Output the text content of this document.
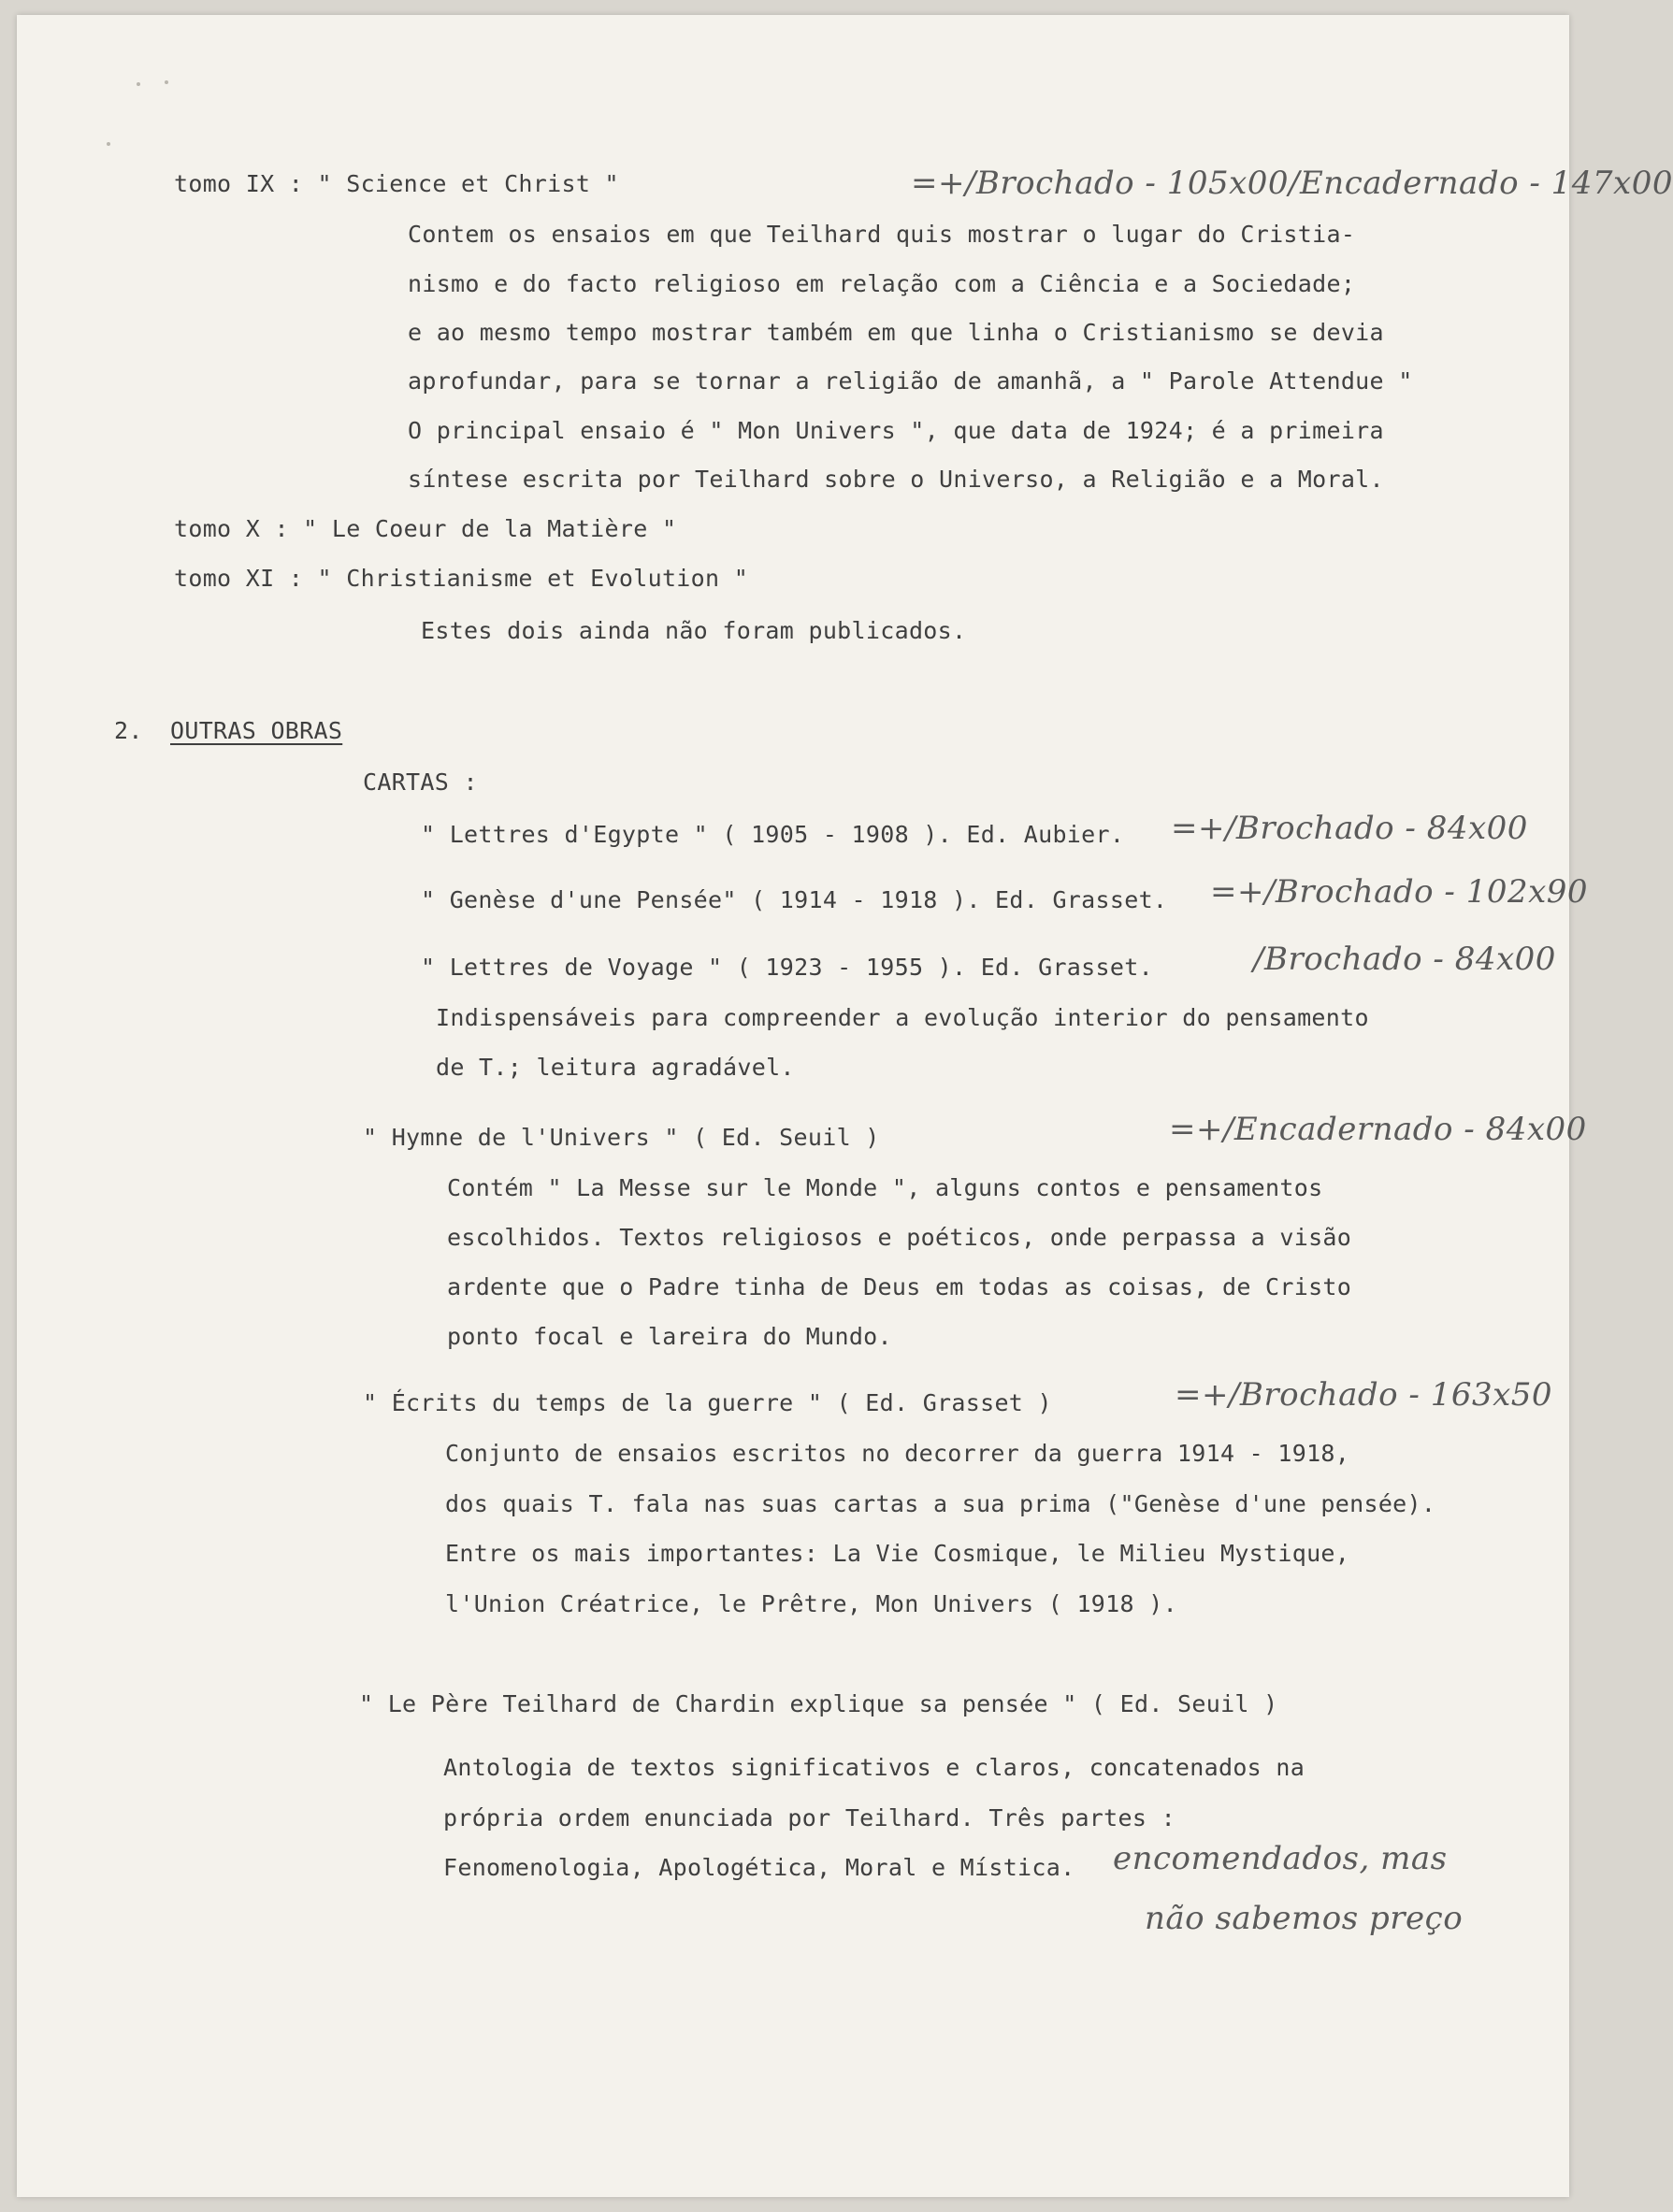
tomo IX : " Science et Christ "	=+/Brochado - 105x00/Encadernado - 147x00
Contem os ensaios em que Teilhard quis mostrar o lugar do Cristia-
nismo e do facto religioso em relação com a Ciência e a Sociedade;
e ao mesmo tempo mostrar também em que linha o Cristianismo se devia
aprofundar, para se tornar a religião de amanhã, a " Parole Attendue "
O principal ensaio é " Mon Univers ", que data de 1924; é a primeira
síntese escrita por Teilhard sobre o Universo, a Religião e a Moral.
tomo X : " Le Coeur de la Matière "
tomo XI : " Christianisme et Evolution "
Estes dois ainda não foram publicados.
2. OUTRAS OBRAS
CARTAS :
" Lettres d'Egypte " ( 1905 - 1908 ). Ed. Aubier. =+/Brochado - 84x00
" Genèse d'une Pensée" ( 1914 - 1918 ). Ed. Grasset. =+/Brochado - 102x90
" Lettres de Voyage " ( 1923 - 1955 ). Ed. Grasset.	/Brochado - 84x00
Indispensáveis para compreender a evolução interior do pensamento
de T.; leitura agradável.
" Hymne de l'Univers " ( Ed. Seuil )	=+/Encadernado - 84x00
Contém " La Messe sur le Monde ", alguns contos e pensamentos
escolhidos. Textos religiosos e poéticos, onde perpassa a visão
ardente que o Padre tinha de Deus em todas as coisas, de Cristo
ponto focal e lareira do Mundo.
" Écrits du temps de la guerre " ( Ed. Grasset )	=+/Brochado - 163x50
Conjunto de ensaios escritos no decorrer da guerra 1914 - 1918,
dos quais T. fala nas suas cartas a sua prima ("Genèse d'une pensée).
Entre os mais importantes: La Vie Cosmique, le Milieu Mystique,
l'Union Créatrice, le Prêtre, Mon Univers ( 1918 ).
" Le Père Teilhard de Chardin explique sa pensée " ( Ed. Seuil )
Antologia de textos significativos e claros, concatenados na
própria ordem enunciada por Teilhard. Três partes :
Fenomenologia, Apologética, Moral e Mística. encomendados, mas
não sabemos preço
